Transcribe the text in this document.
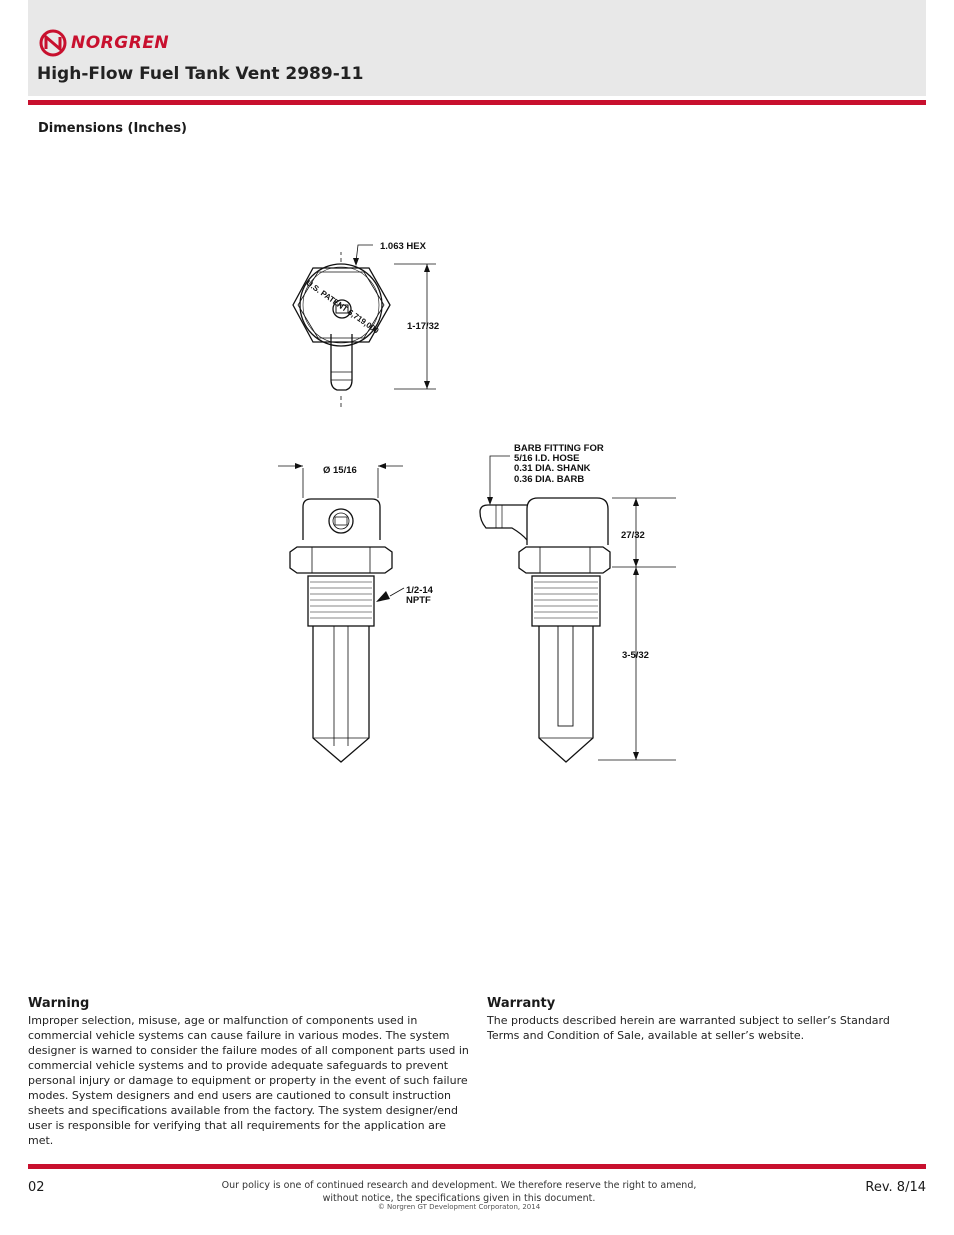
NORGREN
High-Flow Fuel Tank Vent 2989-11
Dimensions (Inches)
1.063 HEX
1-17/32
U.S. PATENT 6,719,000
Ø 15/16
1/2-14
NPTF
BARB FITTING FOR
5/16 I.D. HOSE
0.31 DIA. SHANK
0.36 DIA. BARB
27/32
3-5/32
Warning

Improper selection, misuse, age or malfunction of components used in commercial vehicle systems can cause failure in various modes. The system designer is warned to consider the failure modes of all component parts used in commercial vehicle systems and to provide adequate safeguards to prevent personal injury or damage to equipment or property in the event of such failure modes. System designers and end users are cautioned to consult instruction sheets and specifications available from the factory. The system designer/end user is responsible for verifying that all requirements for the application are met.

Warranty

The products described herein are warranted subject to seller’s Standard Terms and Condition of Sale, available at seller’s website.

02	Our policy is one of continued research and development. We therefore reserve the right to amend,
without notice, the specifications given in this document.
© Norgren GT Development Corporaton, 2014
Rev. 8/14
